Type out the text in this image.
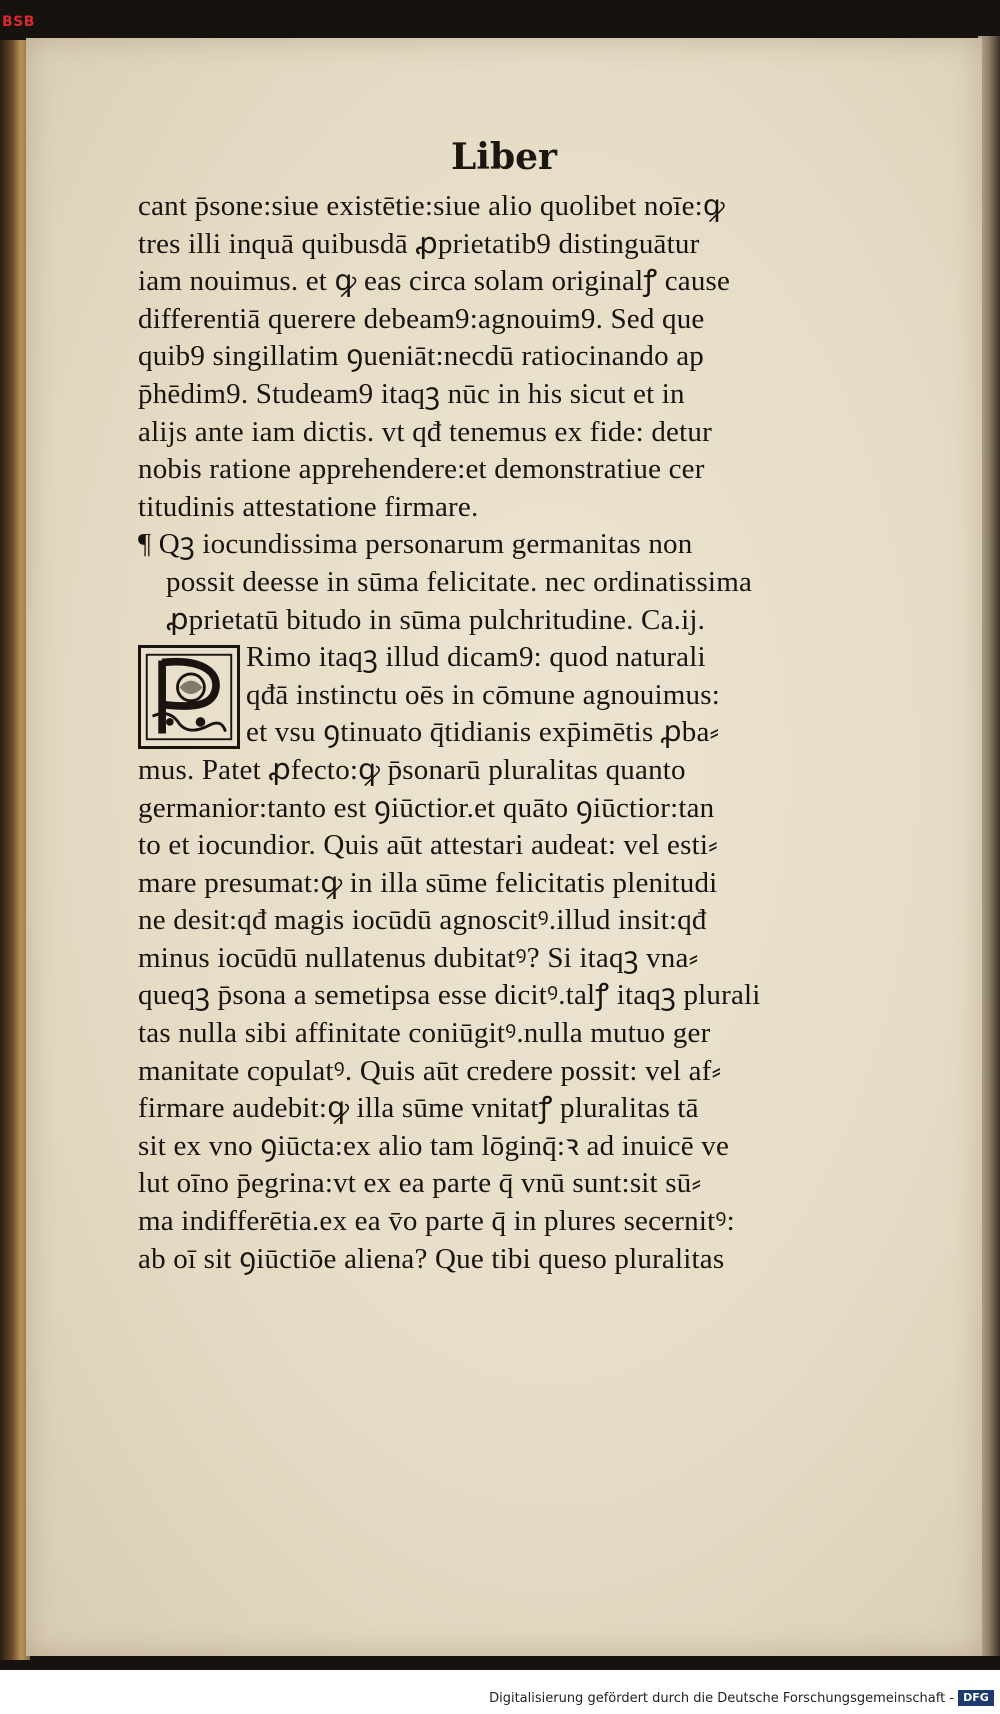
BSB
Liber
cant p̄sone:siue existētie:siue alio quolibet noīe:ꝙ
tres illi inquā quibusdā ꝓprietatib9 distinguātur
iam nouimus. et ꝙ eas circa solam originalꝭ cause
differentiā querere debeam9:agnouim9. Sed que
quib9 singillatim ꝯueniāt:necdū ratiocinando ap
p̄hēdim9. Studeam9 itaqꝫ nūc in his sicut et in
alijs ante iam dictis. vt qđ tenemus ex fide: detur
nobis ratione apprehendere:et demonstratiue cer
titudinis attestatione firmare.
¶ Qꝫ iocundissima personarum germanitas non
possit deesse in sūma felicitate. nec ordinatissima
ꝓprietatū bitudo in sūma pulchritudine. Ca.ij.
Rimo itaqꝫ illud dicam9: quod naturali
qđā instinctu oēs in cōmune agnouimus:
et vsu ꝯtinuato q̄tidianis exp̄imētis ꝓba⸗
mus. Patet ꝓfecto:ꝙ p̄sonarū pluralitas quanto
germanior:tanto est ꝯiūctior.et quāto ꝯiūctior:tan
to et iocundior. Quis aūt attestari audeat: vel esti⸗
mare presumat:ꝙ in illa sūme felicitatis plenitudi
ne desit:qđ magis iocūdū agnoscitꝰ.illud insit:qđ
minus iocūdū nullatenus dubitatꝰ? Si itaqꝫ vna⸗
queqꝫ p̄sona a semetipsa esse dicitꝰ.talꝭ itaqꝫ plurali
tas nulla sibi affinitate coniūgitꝰ.nulla mutuo ger
manitate copulatꝰ. Quis aūt credere possit: vel af⸗
firmare audebit:ꝙ illa sūme vnitatꝭ pluralitas tā
sit ex vno ꝯiūcta:ex alio tam lōginq̄:ꝛ ad inuicē ve
lut oīno p̄egrina:vt ex ea parte q̄ vnū sunt:sit sū⸗
ma indifferētia.ex ea v̄o parte q̄ in plures secernitꝰ:
ab oī sit ꝯiūctiōe aliena? Que tibi queso pluralitas
Digitalisierung gefördert durch die Deutsche Forschungsgemeinschaft - DFG
